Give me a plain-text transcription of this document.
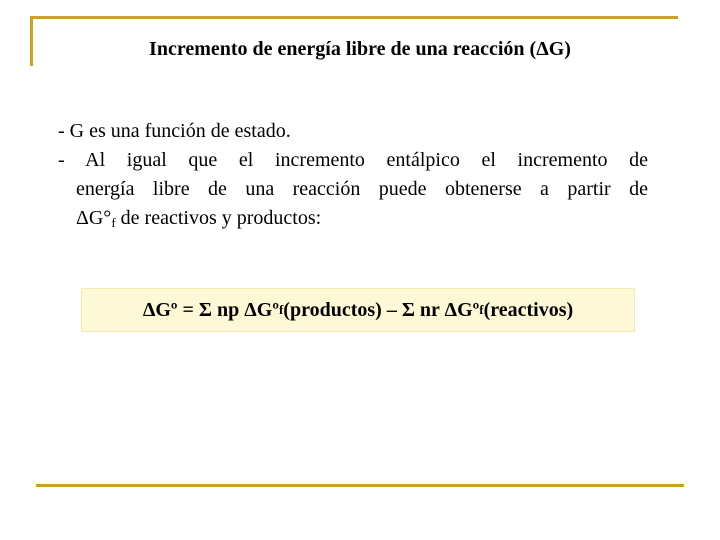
Incremento de energía libre de una reacción (ΔG)
- G es una función de estado.
- Al igual que el incremento entálpico el incremento de
energía libre de una reacción puede obtenerse a partir de
$\Delta G^\circ_f$ de reactivos y productos:
ΔGº = Σ np ΔGº f (productos) – Σ nr ΔGº f (reactivos)
